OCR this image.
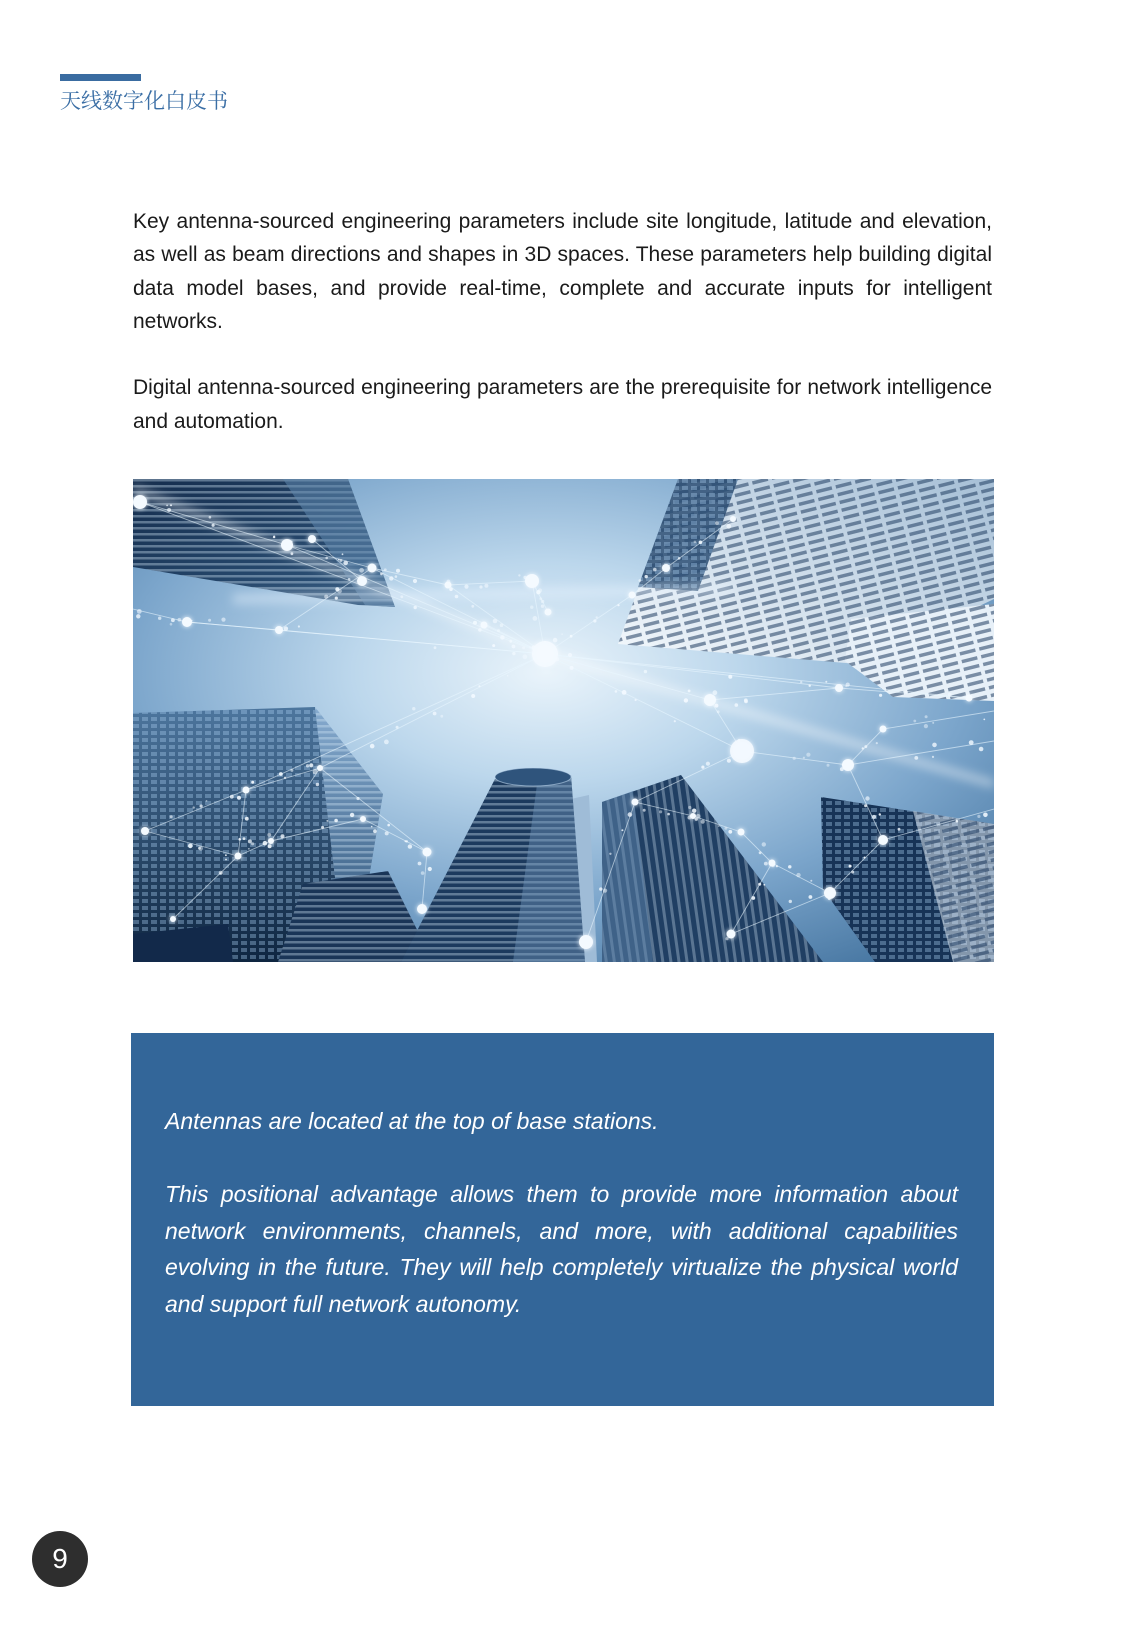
天线数字化白皮书

Key antenna-sourced engineering parameters include site longitude, latitude and elevation, as well as beam directions and shapes in 3D spaces. These parameters help building digital data model bases, and provide real-time, complete and accurate inputs for intelligent networks.

Digital antenna-sourced engineering parameters are the prerequisite for network intelligence and automation.

Antennas are located at the top of base stations.

This positional advantage allows them to provide more information about network environments, channels, and more, with additional capabilities evolving in the future. They will help completely virtualize the physical world and support full network autonomy.

9
